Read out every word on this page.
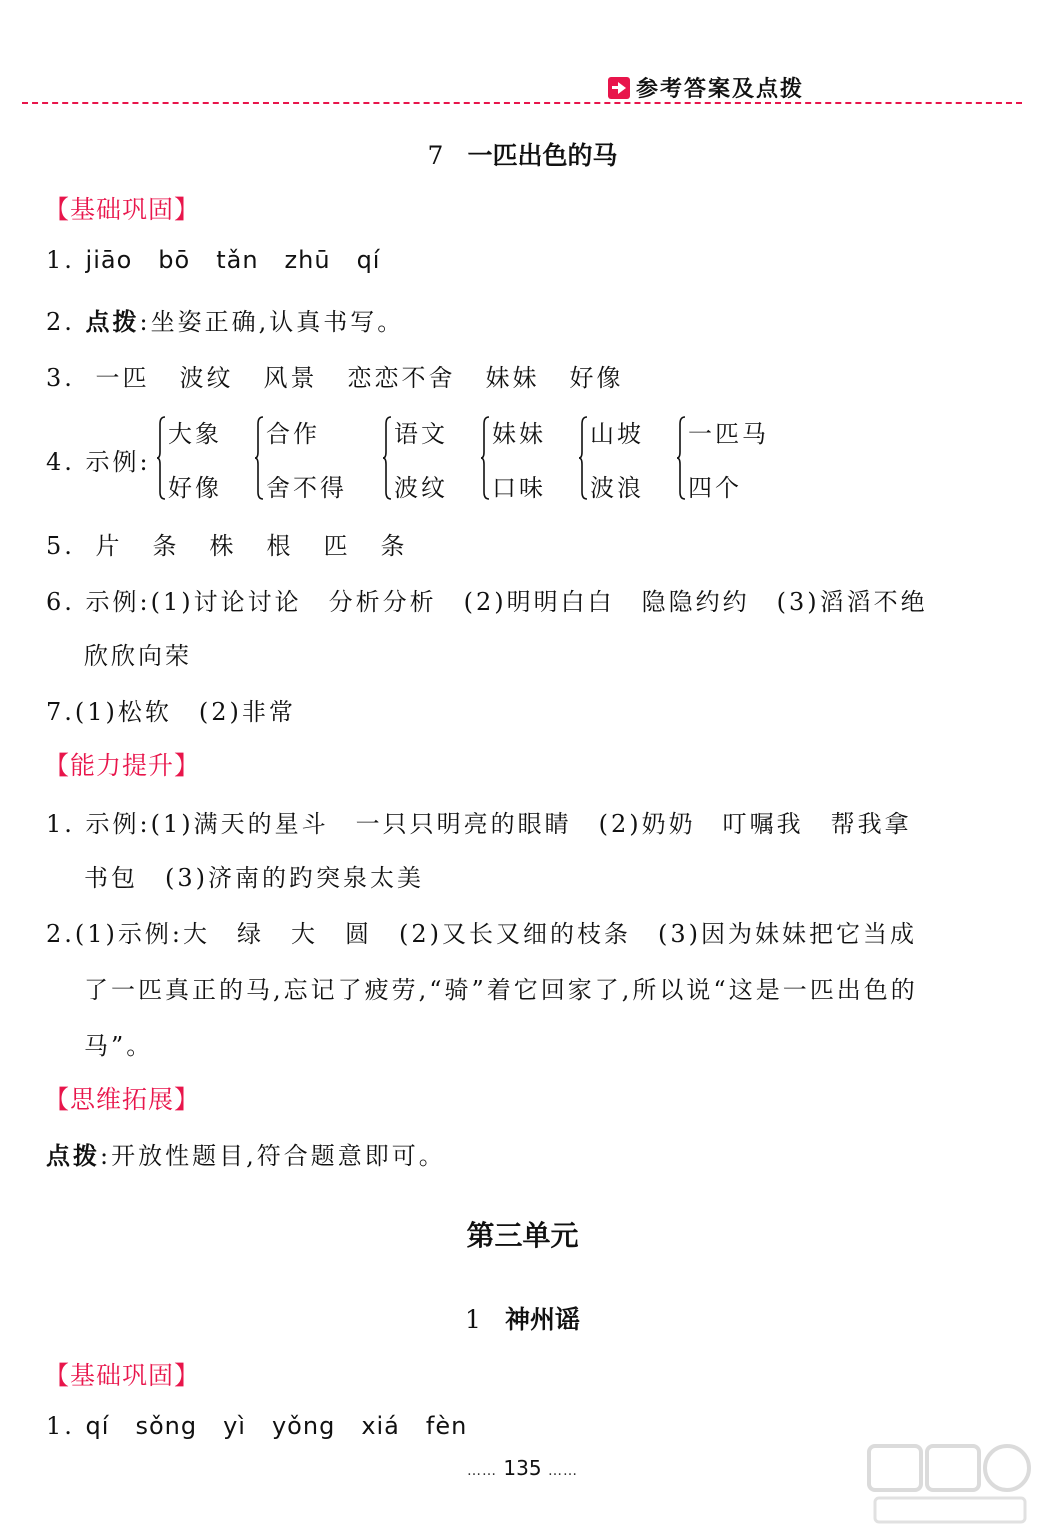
参考答案及点拨
7 一匹出色的马
【基础巩固】
1. jiāo bō tǎn zhū qí
2. 点拨:坐姿正确,认真书写。
3. 一匹 波纹 风景 恋恋不舍 妹妹 好像
4. 示例:
大象
好像
合作
舍不得
语文
波纹
妹妹
口味
山坡
波浪
一匹马
四个
5. 片 条 株 根 匹 条
6. 示例:(1)讨论讨论　分析分析　(2)明明白白　隐隐约约　(3)滔滔不绝
欣欣向荣
7.(1)松软　(2)非常
【能力提升】
1. 示例:(1)满天的星斗　一只只明亮的眼睛　(2)奶奶　叮嘱我　帮我拿
书包　(3)济南的趵突泉太美
2.(1)示例:大　绿　大　圆　(2)又长又细的枝条　(3)因为妹妹把它当成
了一匹真正的马,忘记了疲劳,“骑”着它回家了,所以说“这是一匹出色的
马”。
【思维拓展】
点拨:开放性题目,符合题意即可。
第三单元
1 神州谣
【基础巩固】
1. qí sǒng yì yǒng xiá fèn
…… 135 ……
